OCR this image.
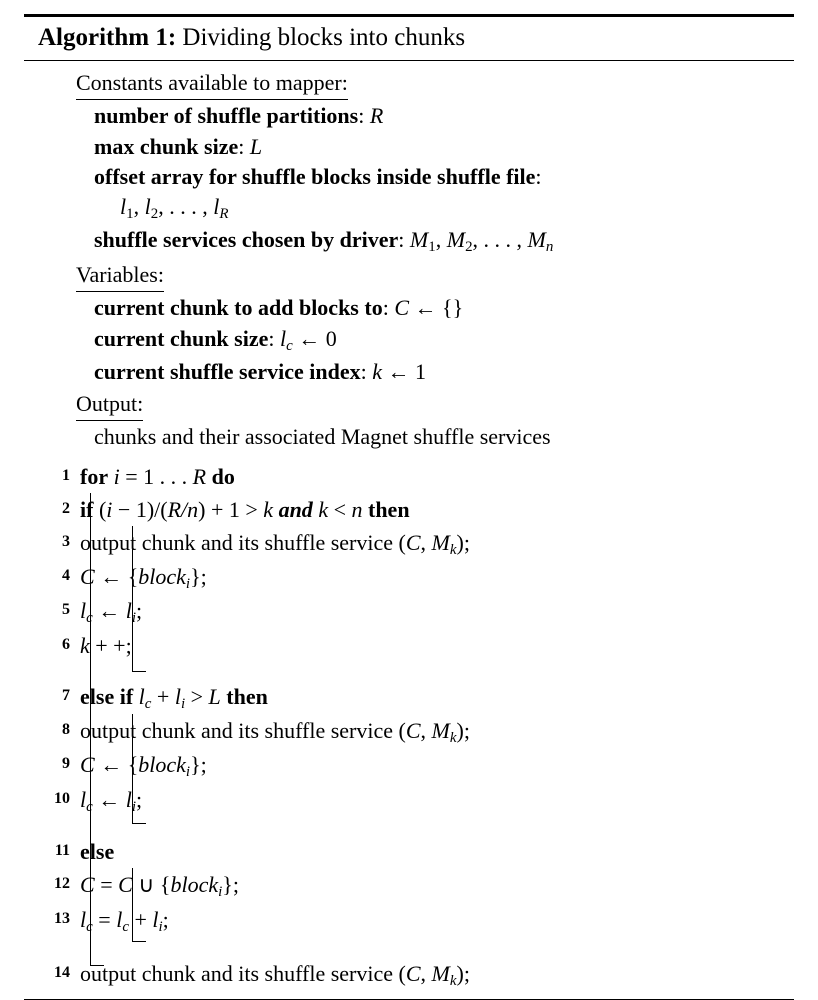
Algorithm 1: Dividing blocks into chunks
Constants available to mapper:
number of shuffle partitions: R
max chunk size: L
offset array for shuffle blocks inside shuffle file:
l1, l2, . . . , $l_R$
shuffle services chosen by driver: M1, M2, . . . , $M_n$
Variables:
current chunk to add blocks to: C ← {}
current chunk size: $l_c$ ← 0
current shuffle service index: k ← 1
Output:
chunks and their associated Magnet shuffle services
1 for i = 1 . . . R do
2 if (i − 1)/(R/n) + 1 > k and k < n then
3 output chunk and its shuffle service (C, $M_k$);
4 C ← {block$_i$};
5 $l_c$ ← $l_i$;
6 k + +;
7 else if $l_c + l_i > L$ then
8 output chunk and its shuffle service (C, $M_k$);
9 C ← {block$_i$};
10 $l_c$ ← $l_i$;
11 else
12 C = C ∪ {block$_i$};
13 $l_c = l_c + l_i$;
14 output chunk and its shuffle service (C, $M_k$);
